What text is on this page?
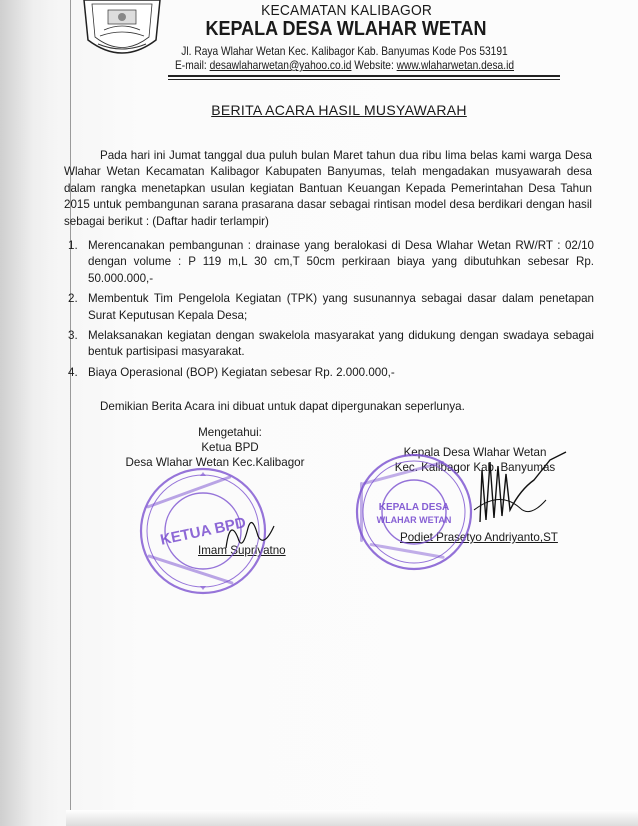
KECAMATAN KALIBAGOR
KEPALA DESA WLAHAR WETAN
Jl. Raya Wlahar Wetan Kec. Kalibagor Kab. Banyumas Kode Pos 53191
E-mail: desawlaharwetan@yahoo.co.id Website: www.wlaharwetan.desa.id
BERITA ACARA HASIL MUSYAWARAH
Pada hari ini Jumat tanggal dua puluh bulan Maret tahun dua ribu lima belas kami warga Desa Wlahar Wetan Kecamatan Kalibagor Kabupaten Banyumas, telah mengadakan musyawarah desa dalam rangka menetapkan usulan kegiatan Bantuan Keuangan Kepada Pemerintahan Desa Tahun 2015 untuk pembangunan sarana prasarana dasar sebagai rintisan model desa berdikari dengan hasil sebagai berikut : (Daftar hadir terlampir)
1. Merencanakan pembangunan : drainase yang beralokasi di Desa Wlahar Wetan RW/RT : 02/10 dengan volume : P 119 m,L 30 cm,T 50cm perkiraan biaya yang dibutuhkan sebesar Rp. 50.000.000,-
2. Membentuk Tim Pengelola Kegiatan (TPK) yang susunannya sebagai dasar dalam penetapan Surat Keputusan Kepala Desa;
3. Melaksanakan kegiatan dengan swakelola masyarakat yang didukung dengan swadaya sebagai bentuk partisipasi masyarakat.
4. Biaya Operasional (BOP) Kegiatan sebesar Rp. 2.000.000,-
Demikian Berita Acara ini dibuat untuk dapat dipergunakan seperlunya.
Mengetahui:
Ketua BPD
Desa Wlahar Wetan Kec.Kalibagor
Imam Supriyatno
Kepala Desa Wlahar Wetan
Kec. Kalibagor Kab. Banyumas
Podiet Prasetyo Andriyanto,ST
KETUA BPD
KEPALA DESA
WLAHAR WETAN
